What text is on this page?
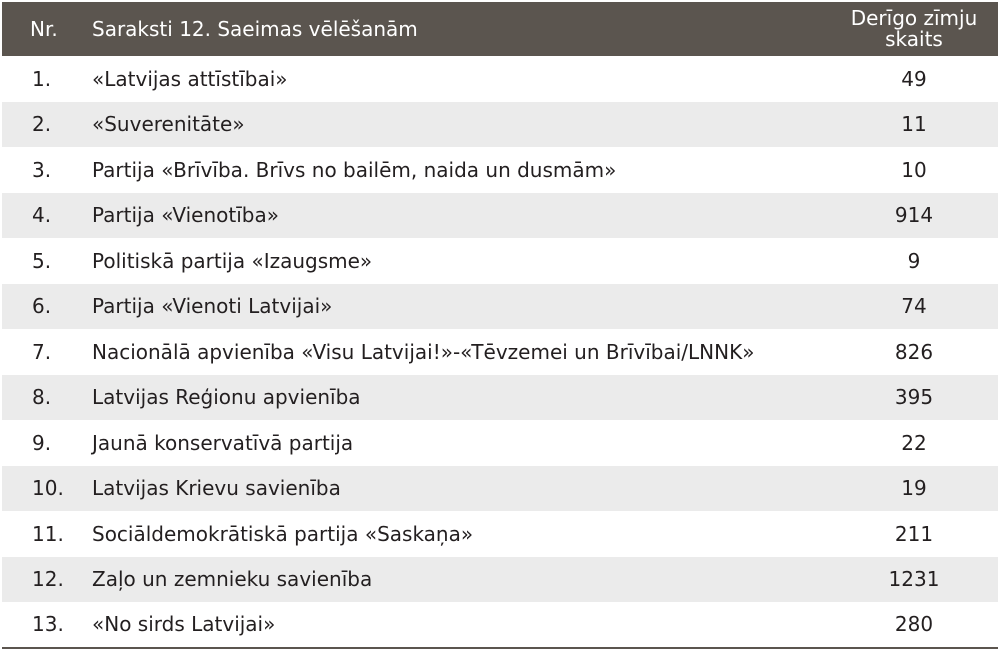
Nr.	Saraksti 12. Saeimas vēlēšanām	Derīgo zīmju
skaits
1.	«Latvijas attīstībai»	49
2.	«Suverenitāte»	11
3.	Partija «Brīvība. Brīvs no bailēm, naida un dusmām»	10
4.	Partija «Vienotība»	914
5.	Politiskā partija «Izaugsme»	9
6.	Partija «Vienoti Latvijai»	74
7.	Nacionālā apvienība «Visu Latvijai!»-«Tēvzemei un Brīvībai/LNNK»	826
8.	Latvijas Reģionu apvienība	395
9.	Jaunā konservatīvā partija	22
10.	Latvijas Krievu savienība	19
11.	Sociāldemokrātiskā partija «Saskaņa»	211
12.	Zaļo un zemnieku savienība	1231
13.	«No sirds Latvijai»	280
